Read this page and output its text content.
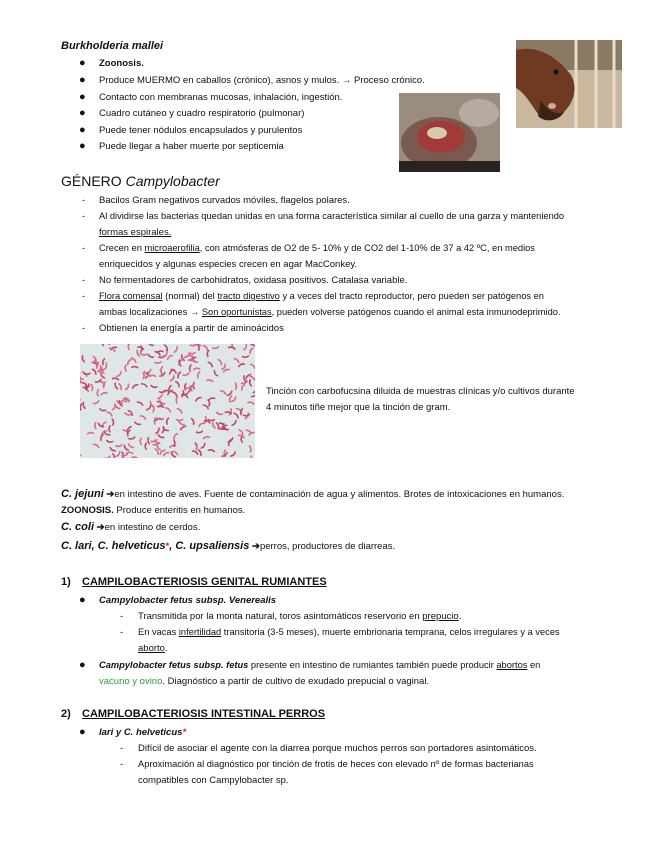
Burkholderia mallei
● Zoonosis.
● Produce MUERMO en caballos (crónico), asnos y mulos. → Proceso crónico.
● Contacto con membranas mucosas, inhalación, ingestión.
● Cuadro cutáneo y cuadro respiratorio (pulmonar)
● Puede tener nódulos encapsulados y purulentos
● Puede llegar a haber muerte por septicemia
GÉNERO Campylobacter
- Bacilos Gram negativos curvados móviles, flagelos polares.
- Al dividirse las bacterias quedan unidas en una forma característica similar al cuello de una garza y manteniendo
formas espirales.
- Crecen en microaerofilia, con atmósferas de O2 de 5- 10% y de CO2 del 1-10% de 37 a 42 ºC, en medios
enriquecidos y algunas especies crecen en agar MacConkey.
- No fermentadores de carbohidratos, oxidasa positivos. Catalasa variable.
- Flora comensal (normal) del tracto digestivo y a veces del tracto reproductor, pero pueden ser patógenos en
ambas localizaciones → Son oportunistas, pueden volverse patógenos cuando el animal esta inmunodeprimido.
- Obtienen la energía a partir de aminoácidos
Tinción con carbofucsina diluida de muestras clínicas y/o cultivos durante
4 minutos tiñe mejor que la tinción de gram.
C. jejuni ➔en intestino de aves. Fuente de contaminación de agua y alimentos. Brotes de intoxicaciones en humanos.
ZOONOSIS. Produce enteritis en humanos.
C. coli ➔en intestino de cerdos.
C. lari, C. helveticus*, C. upsaliensis ➔perros, productores de diarreas.
1) CAMPILOBACTERIOSIS GENITAL RUMIANTES
● Campylobacter fetus subsp. Venerealis
- Transmitida por la monta natural, toros asintomáticos reservorio en prepucio.
- En vacas infertilidad transitoria (3-5 meses), muerte embrionaria temprana, celos irregulares y a veces
aborto.
● Campylobacter fetus subsp. fetus presente en intestino de rumiantes también puede producir abortos en
vacuno y ovino. Diagnóstico a partir de cultivo de exudado prepucial o vaginal.
2) CAMPILOBACTERIOSIS INTESTINAL PERROS
● lari y C. helveticus*
- Difícil de asociar el agente con la diarrea porque muchos perros son portadores asintomáticos.
- Aproximación al diagnóstico por tinción de frotis de heces con elevado nº de formas bacterianas
compatibles con Campylobacter sp.
